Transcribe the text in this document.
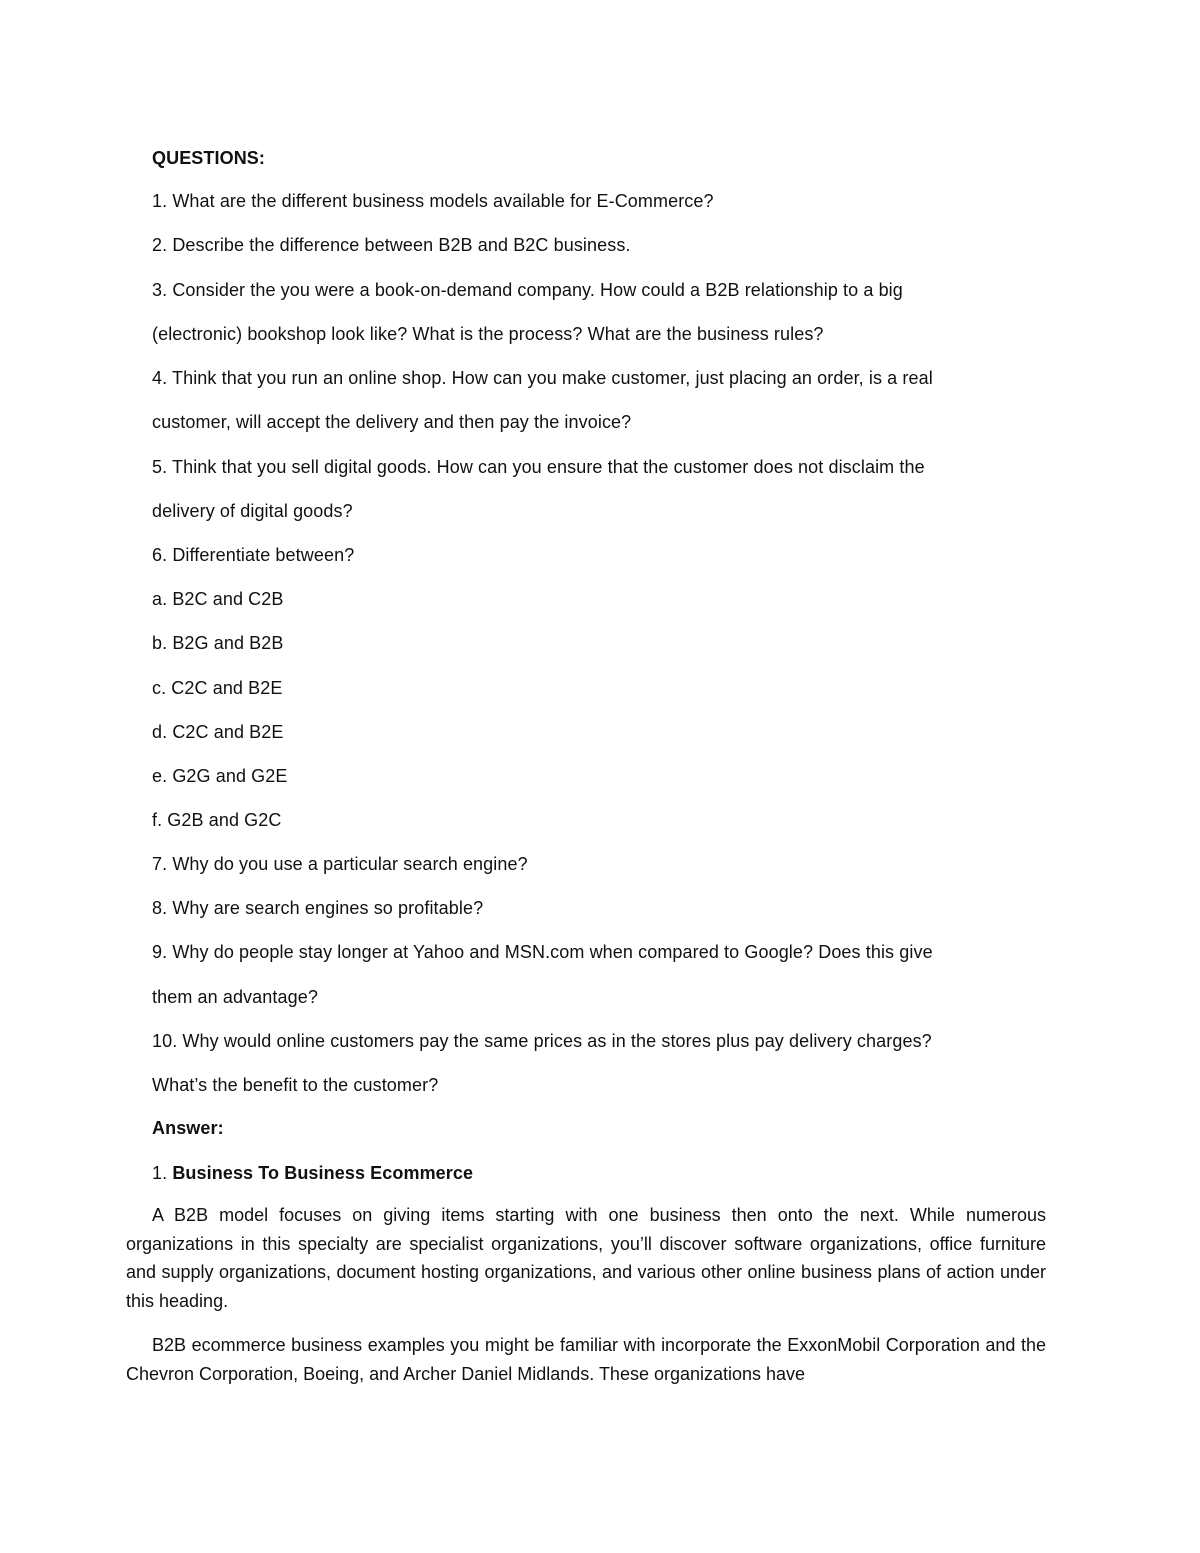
QUESTIONS:
1. What are the different business models available for E-Commerce?
2. Describe the difference between B2B and B2C business.
3. Consider the you were a book-on-demand company. How could a B2B relationship to a big
(electronic) bookshop look like? What is the process? What are the business rules?
4. Think that you run an online shop. How can you make customer, just placing an order, is a real
customer, will accept the delivery and then pay the invoice?
5. Think that you sell digital goods. How can you ensure that the customer does not disclaim the
delivery of digital goods?
6. Differentiate between?
a. B2C and C2B
b. B2G and B2B
c. C2C and B2E
d. C2C and B2E
e. G2G and G2E
f. G2B and G2C
7. Why do you use a particular search engine?
8. Why are search engines so profitable?
9. Why do people stay longer at Yahoo and MSN.com when compared to Google? Does this give
them an advantage?
10. Why would online customers pay the same prices as in the stores plus pay delivery charges?
What’s the benefit to the customer?
Answer:
1. Business To Business Ecommerce

A B2B model focuses on giving items starting with one business then onto the next. While numerous organizations in this specialty are specialist organizations, you’ll discover software organizations, office furniture and supply organizations, document hosting organizations, and various other online business plans of action under this heading.

B2B ecommerce business examples you might be familiar with incorporate the ExxonMobil Corporation and the Chevron Corporation, Boeing, and Archer Daniel Midlands. These organizations have
